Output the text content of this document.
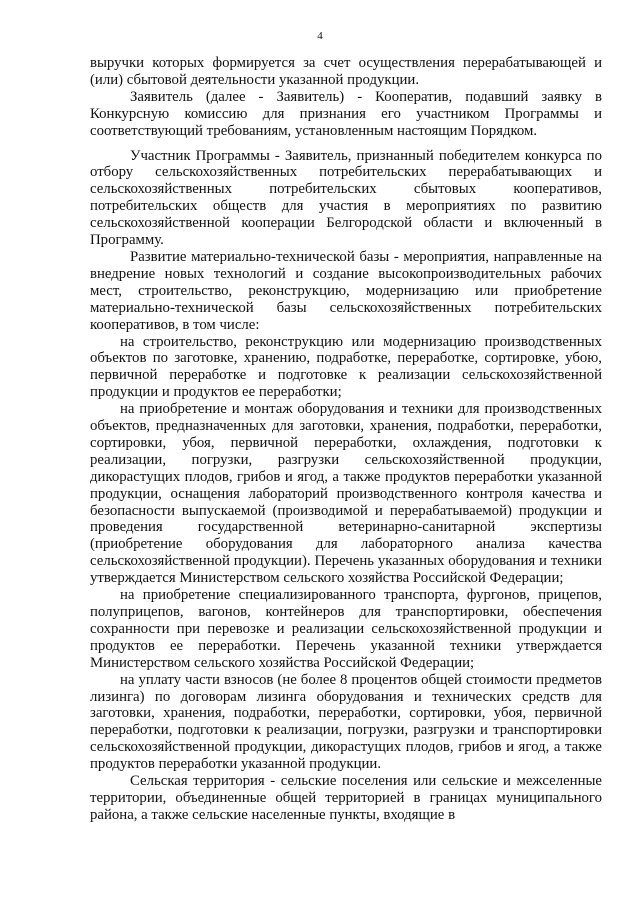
4

выручки которых формируется за счет осуществления перерабатывающей и (или) сбытовой деятельности указанной продукции.

Заявитель (далее - Заявитель) - Кооператив, подавший заявку в Конкурсную комиссию для признания его участником Программы и соответствующий требованиям, установленным настоящим Порядком.

Участник Программы - Заявитель, признанный победителем конкурса по отбору сельскохозяйственных потребительских перерабатывающих и сельскохозяйственных потребительских сбытовых кооперативов, потребительских обществ для участия в мероприятиях по развитию сельскохозяйственной кооперации Белгородской области и включенный в Программу.

Развитие материально-технической базы - мероприятия, направленные на внедрение новых технологий и создание высокопроизводительных рабочих мест, строительство, реконструкцию, модернизацию или приобретение материально-технической базы сельскохозяйственных потребительских кооперативов, в том числе:

на строительство, реконструкцию или модернизацию производственных объектов по заготовке, хранению, подработке, переработке, сортировке, убою, первичной переработке и подготовке к реализации сельскохозяйственной продукции и продуктов ее переработки;

на приобретение и монтаж оборудования и техники для производственных объектов, предназначенных для заготовки, хранения, подработки, переработки, сортировки, убоя, первичной переработки, охлаждения, подготовки к реализации, погрузки, разгрузки сельскохозяйственной продукции, дикорастущих плодов, грибов и ягод, а также продуктов переработки указанной продукции, оснащения лабораторий производственного контроля качества и безопасности выпускаемой (производимой и перерабатываемой) продукции и проведения государственной ветеринарно-санитарной экспертизы (приобретение оборудования для лабораторного анализа качества сельскохозяйственной продукции). Перечень указанных оборудования и техники утверждается Министерством сельского хозяйства Российской Федерации;

на приобретение специализированного транспорта, фургонов, прицепов, полуприцепов, вагонов, контейнеров для транспортировки, обеспечения сохранности при перевозке и реализации сельскохозяйственной продукции и продуктов ее переработки. Перечень указанной техники утверждается Министерством сельского хозяйства Российской Федерации;

на уплату части взносов (не более 8 процентов общей стоимости предметов лизинга) по договорам лизинга оборудования и технических средств для заготовки, хранения, подработки, переработки, сортировки, убоя, первичной переработки, подготовки к реализации, погрузки, разгрузки и транспортировки сельскохозяйственной продукции, дикорастущих плодов, грибов и ягод, а также продуктов переработки указанной продукции.

Сельская территория - сельские поселения или сельские и межселенные территории, объединенные общей территорией в границах муниципального района, а также сельские населенные пункты, входящие в
